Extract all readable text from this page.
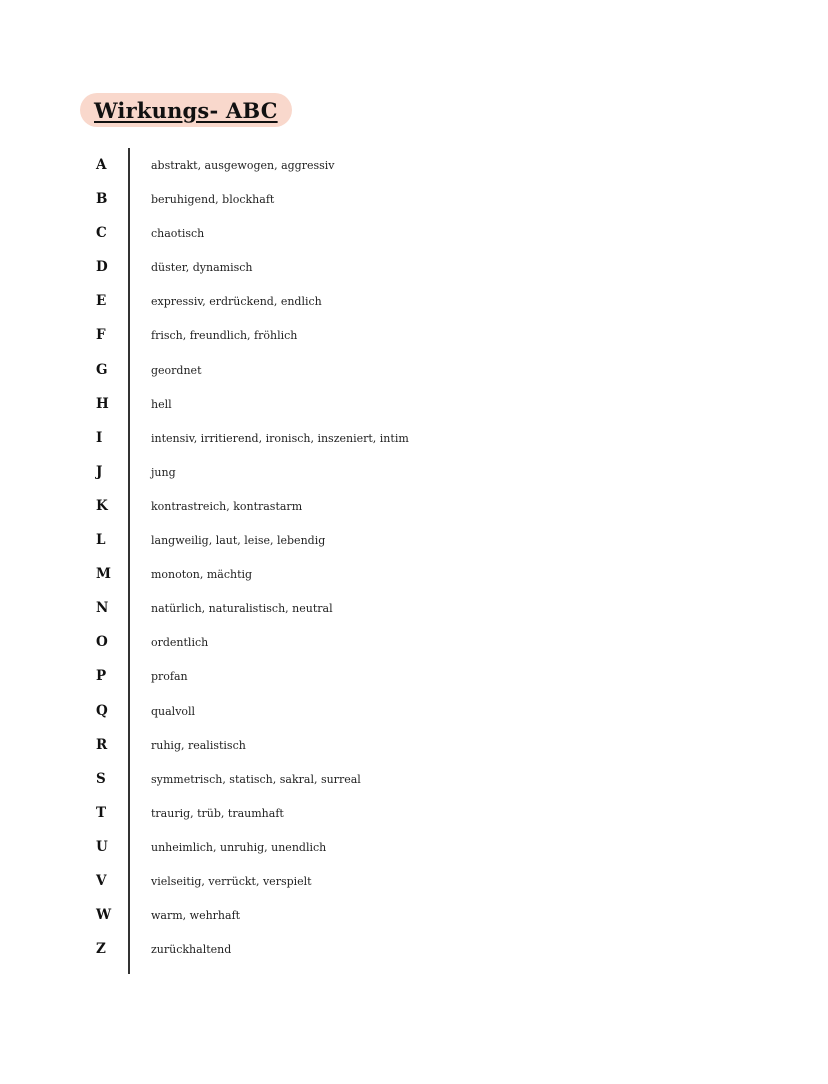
Wirkungs- ABC
A	abstrakt, ausgewogen, aggressiv
B	beruhigend, blockhaft
C	chaotisch
D	düster, dynamisch
E	expressiv, erdrückend, endlich
F	frisch, freundlich, fröhlich
G	geordnet
H	hell
I	intensiv, irritierend, ironisch, inszeniert, intim
J	jung
K	kontrastreich, kontrastarm
L	langweilig, laut, leise, lebendig
M	monoton, mächtig
N	natürlich, naturalistisch, neutral
O	ordentlich
P	profan
Q	qualvoll
R	ruhig, realistisch
S	symmetrisch, statisch, sakral, surreal
T	traurig, trüb, traumhaft
U	unheimlich, unruhig, unendlich
V	vielseitig, verrückt, verspielt
W	warm, wehrhaft
Z	zurückhaltend
